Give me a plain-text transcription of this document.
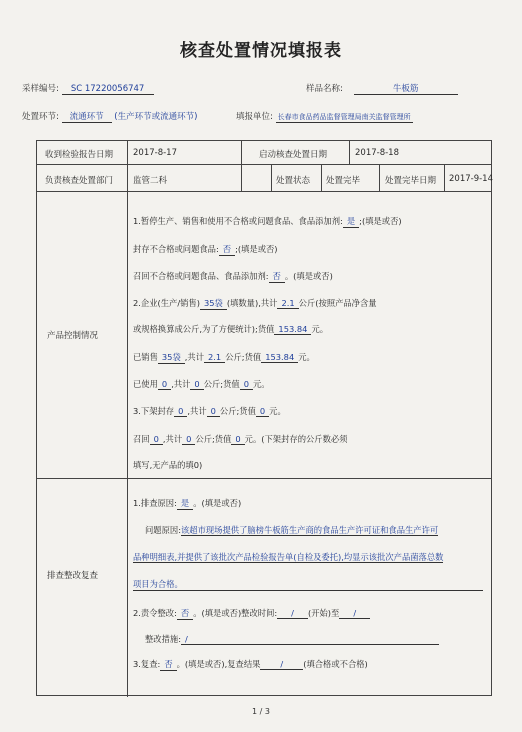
核查处置情况填报表
采样编号: SC 17220056747	样品名称:	牛板筋
处置环节: 流通环节 (生产环节或流通环节)	填报单位: 长春市食品药品监督管理局南关监督管理所
收到检验报告日期 2017-8-17	启动核查处置日期	2017-8-18
负责核查处置部门 监管二科	处置状态 处置完毕	处置完毕日期 2017-9-14
产品控制情况
1.暂停生产、销售和使用不合格或问题食品、食品添加剂: 是 ;(填是或否)
封存不合格或问题食品: 否 ;(填是或否)
召回不合格或问题食品、食品添加剂: 否 。(填是或否)
2.企业(生产/销售) 35袋 (填数量),共计 2.1 公斤(按照产品净含量
或规格换算成公斤,为了方便统计);货值 153.84 元。
已销售 35袋 ,共计 2.1 公斤;货值 153.84 元。
已使用 0 ,共计 0 公斤;货值 0 元。
3.下架封存 0 ,共计 0 公斤;货值 0 元。
召回 0 ,共计 0 公斤;货值 0 元。(下架封存的公斤数必须
填写,无产品的填0)
排查整改复查
1.排查原因: 是 。(填是或否)
问题原因:该超市现场提供了脑榜牛板筋生产商的食品生产许可证和食品生产许可
品种明细表,并提供了该批次产品检验报告单(自检及委托),均显示该批次产品菌落总数
项目为合格。
2.责令整改: 否 。(填是或否)整改时间: / (开始)至 /
整改措施: /
3.复查: 否 。(填是或否),复查结果 / (填合格或不合格)
1 / 3
